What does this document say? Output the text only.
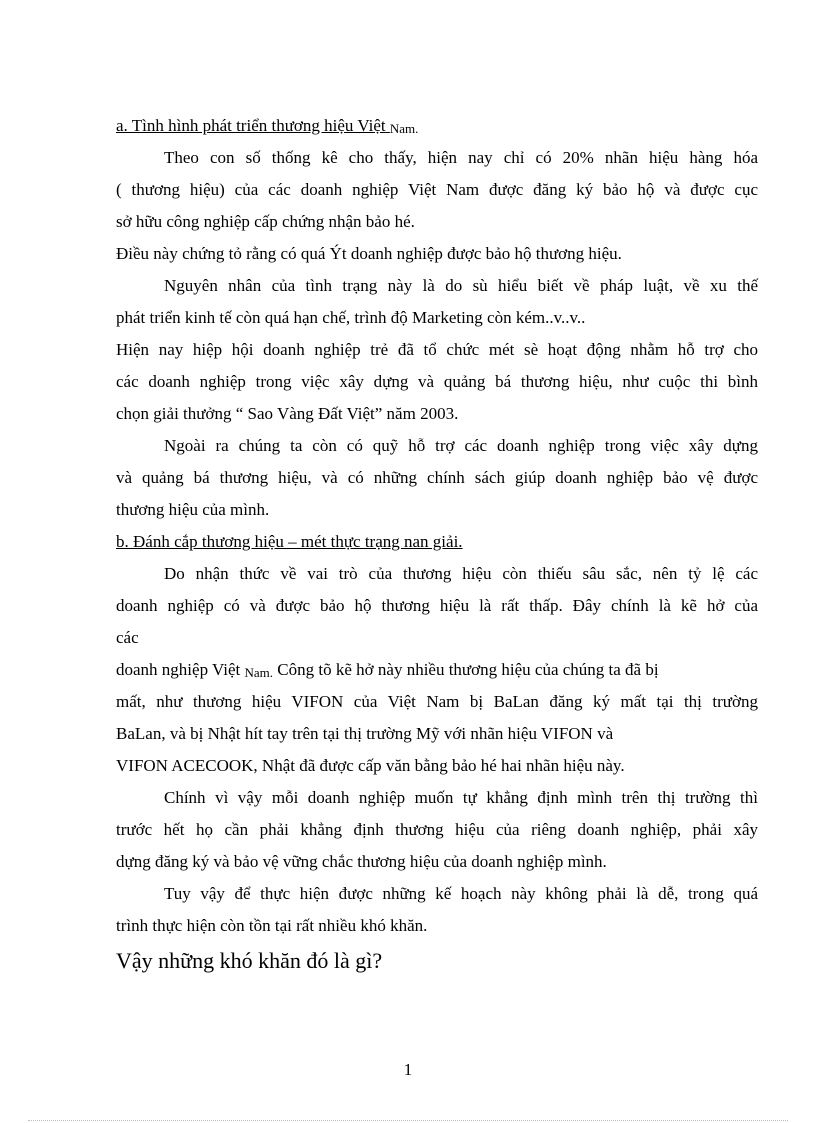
a. Tình hình phát triển thương hiệu Việt Nam.
Theo con số thống kê cho thấy, hiện nay chỉ có 20% nhãn hiệu hàng hóa
( thương hiệu) của các doanh nghiệp Việt Nam được đăng ký bảo hộ và được cục
sở hữu công nghiệp cấp chứng nhận bảo hé.
Điều này chứng tỏ rằng có quá Ýt doanh nghiệp được bảo hộ thương hiệu.
Nguyên nhân của tình trạng này là do sù hiểu biết về pháp luật, về xu thế
phát triển kinh tế còn quá hạn chế, trình độ Marketing còn kém..v..v..
Hiện nay hiệp hội doanh nghiệp trẻ đã tổ chức mét sè hoạt động nhằm hỗ trợ cho
các doanh nghiệp trong việc xây dựng và quảng bá thương hiệu, như cuộc thi bình
chọn giải thưởng “ Sao Vàng Đất Việt” năm 2003.
Ngoài ra chúng ta còn có quỹ hỗ trợ các doanh nghiệp trong việc xây dựng
và quảng bá thương hiệu, và có những chính sách giúp doanh nghiệp bảo vệ được
thương hiệu của mình.
b. Đánh cắp thương hiệu – mét thực trạng nan giải.
Do nhận thức về vai trò của thương hiệu còn thiếu sâu sắc, nên tỷ lệ các
doanh nghiệp có và được bảo hộ thương hiệu là rất thấp. Đây chính là kẽ hở của
các
doanh nghiệp Việt Nam. Công tõ kẽ hở này nhiều thương hiệu của chúng ta đã bị
mất, như thương hiệu VIFON của Việt Nam bị BaLan đăng ký mất tại thị trường
BaLan, và bị Nhật hít tay trên tại thị trường Mỹ với nhãn hiệu VIFON và
VIFON ACECOOK, Nhật đã được cấp văn bằng bảo hé hai nhãn hiệu này.
Chính vì vậy mỗi doanh nghiệp muốn tự khẳng định mình trên thị trường thì
trước hết họ cần phải khẳng định thương hiệu của riêng doanh nghiệp, phải xây
dựng đăng ký và bảo vệ vững chắc thương hiệu của doanh nghiệp mình.
Tuy vậy để thực hiện được những kế hoạch này không phải là dễ, trong quá
trình thực hiện còn tồn tại rất nhiều khó khăn.
Vậy những khó khăn đó là gì?
1
